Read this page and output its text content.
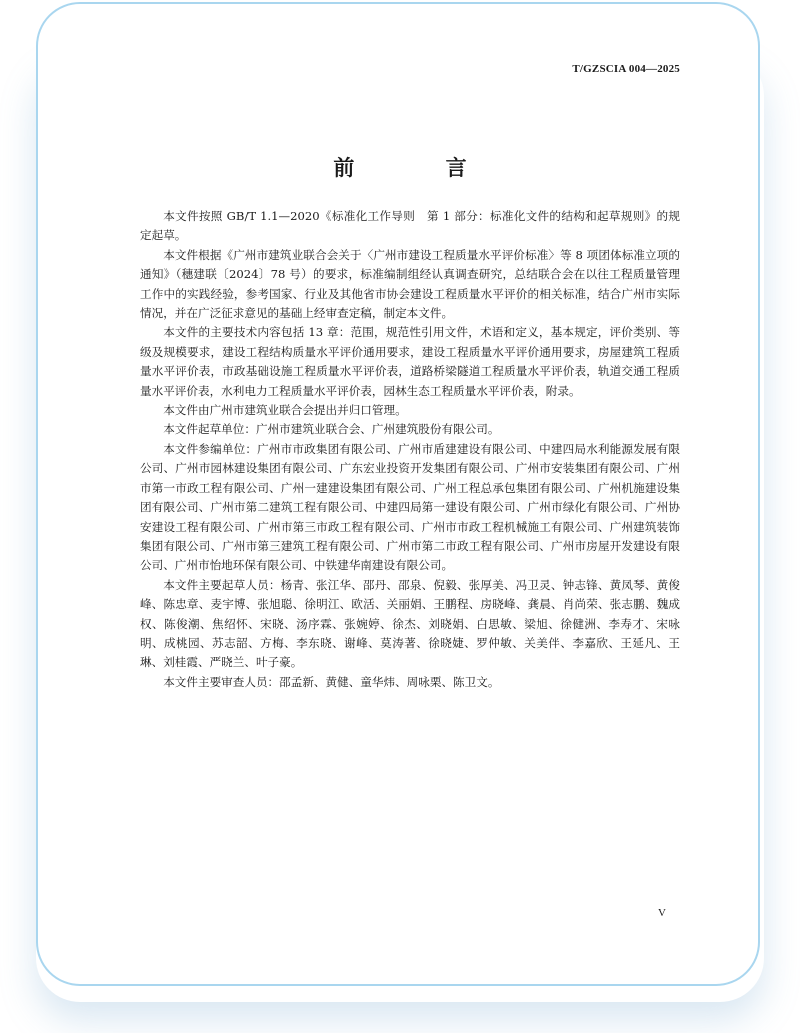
T/GZSCIA 004—2025
前 言

本文件按照 GB/T 1.1—2020《标准化工作导则　第 1 部分：标准化文件的结构和起草规则》的规定起草。

本文件根据《广州市建筑业联合会关于〈广州市建设工程质量水平评价标准〉等 8 项团体标准立项的通知》（穗建联〔2024〕78 号）的要求，标准编制组经认真调查研究，总结联合会在以往工程质量管理工作中的实践经验，参考国家、行业及其他省市协会建设工程质量水平评价的相关标准，结合广州市实际情况，并在广泛征求意见的基础上经审查定稿，制定本文件。

本文件的主要技术内容包括 13 章：范围，规范性引用文件，术语和定义，基本规定，评价类别、等级及规模要求，建设工程结构质量水平评价通用要求，建设工程质量水平评价通用要求，房屋建筑工程质量水平评价表，市政基础设施工程质量水平评价表，道路桥梁隧道工程质量水平评价表，轨道交通工程质量水平评价表，水利电力工程质量水平评价表，园林生态工程质量水平评价表，附录。

本文件由广州市建筑业联合会提出并归口管理。

本文件起草单位：广州市建筑业联合会、广州建筑股份有限公司。

本文件参编单位：广州市市政集团有限公司、广州市盾建建设有限公司、中建四局水利能源发展有限公司、广州市园林建设集团有限公司、广东宏业投资开发集团有限公司、广州市安装集团有限公司、广州市第一市政工程有限公司、广州一建建设集团有限公司、广州工程总承包集团有限公司、广州机施建设集团有限公司、广州市第二建筑工程有限公司、中建四局第一建设有限公司、广州市绿化有限公司、广州协安建设工程有限公司、广州市第三市政工程有限公司、广州市市政工程机械施工有限公司、广州建筑装饰集团有限公司、广州市第三建筑工程有限公司、广州市第二市政工程有限公司、广州市房屋开发建设有限公司、广州市怡地环保有限公司、中铁建华南建设有限公司。

本文件主要起草人员：杨青、张江华、邵丹、邵泉、倪毅、张厚美、冯卫灵、钟志锋、黄凤琴、黄俊峰、陈忠章、麦宇博、张旭聪、徐明江、欧活、关丽娟、王鹏程、房晓峰、龚晨、肖尚荣、张志鹏、魏成权、陈俊潮、焦绍怀、宋晓、汤序霖、张婉婷、徐杰、刘晓娟、白思敏、梁旭、徐健洲、李寿才、宋咏明、成桃园、苏志韶、方梅、李东晓、谢峰、莫涛著、徐晓婕、罗仲敏、关美伴、李嘉欣、王延凡、王琳、刘桂霞、严晓兰、叶子豪。

本文件主要审查人员：邵孟新、黄健、童华炜、周咏栗、陈卫文。

V
